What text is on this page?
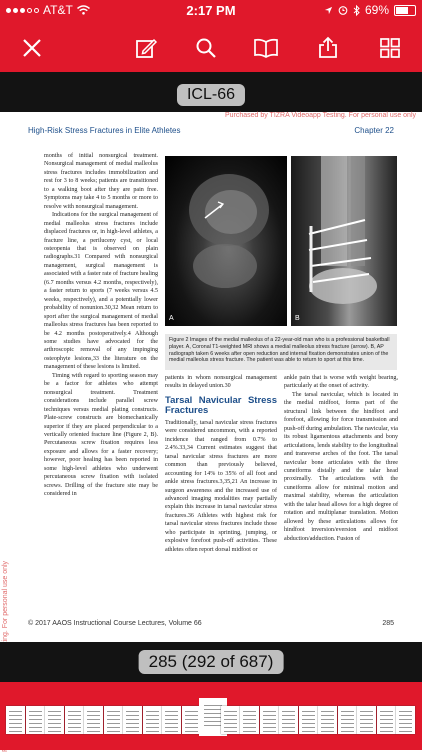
AT&T	2:17 PM	69%
ICL-66
Purchased by TIZRA Videoapp Testing. For personal use only
High-Risk Stress Fractures in Elite Athletes	Chapter 22

months of initial nonsurgical treatment. Nonsurgical management of medial malleolus stress fractures includes immobilization and rest for 3 to 8 weeks; patients are transitioned to a walking boot after they are pain free. Symptoms may take 4 to 5 months or more to resolve with nonsurgical management.

Indications for the surgical management of medial malleolus stress fractures include displaced fractures or, in high-level athletes, a fracture line, a periluceny cyst, or local osteopenia that is observed on plain radiographs.31 Compared with nonsurgical management, surgical management is associated with a faster rate of fracture healing (6.7 months versus 4.2 months, respectively), a faster return to sports (7 weeks versus 4.5 weeks, respectively), and a potentially lower probability of nonunion.30,32 Mean return to sport after the surgical management of medial malleolus stress fractures has been reported to be 4.2 months postoperatively.4 Although some studies have advocated for the arthroscopic removal of any impinging osteophyte lesions,33 the literature on the management of these lesions is limited.

Timing with regard to sporting season may be a factor for athletes who attempt nonsurgical treatment. Treatment considerations include parallel screw techniques versus medial plating constructs. Plate-screw constructs are biomechanically superior if they are placed perpendicular to a vertically oriented fracture line (Figure 2, B). Percutaneous screw fixation requires less exposure and allows for a faster recovery; however, poor healing has been reported in some high-level athletes who underwent percutaneous screw fixation with isolated screws. Drilling of the fracture site may be considered in

A	B
Figure 2 Images of the medial malleolus of a 22-year-old man who is a professional basketball player. A, Coronal T1-weighted MRI shows a medial malleolus stress fracture (arrow). B, AP radiograph taken 6 weeks after open reduction and internal fixation demonstrates union of the medial malleolus stress fracture. The patient was able to return to sport at this time.

patients in whom nonsurgical management results in delayed union.30

Tarsal Navicular Stress Fractures

Traditionally, tarsal navicular stress fractures were considered uncommon, with a reported incidence that ranged from 0.7% to 2.4%.33,34 Current estimates suggest that tarsal navicular stress fractures are more common than previously believed, accounting for 14% to 35% of all foot and ankle stress fractures.3,35,21 An increase in surgeon awareness and the increased use of advanced imaging modalities may partially explain this increase in tarsal navicular stress fractures.36 Athletes with highest risk for tarsal navicular stress fractures include those who participate in sprinting, jumping, or explosive forefoot push-off activities. These athletes often report dorsal midfoot or

ankle pain that is worse with weight bearing, particularly at the onset of activity.

The tarsal navicular, which is located in the medial midfoot, forms part of the structural link between the hindfoot and forefoot, allowing for force transmission and push-off during ambulation. The navicular, via its robust ligamentous attachments and bony articulations, lends stability to the longitudinal and transverse arches of the foot. The tarsal navicular bone articulates with the three cuneiforms distally and the talar head proximally. The articulations with the cuneiforms allow for minimal motion and maximal stability, whereas the articulation with the talar head allows for a high degree of rotation and multiplanar translation. Motion allowed by these articulations allows for hindfoot inversion/eversion and midfoot abduction/adduction. Fusion of

© 2017 AAOS Instructional Course Lectures, Volume 66	285
285 (292 of 687)
